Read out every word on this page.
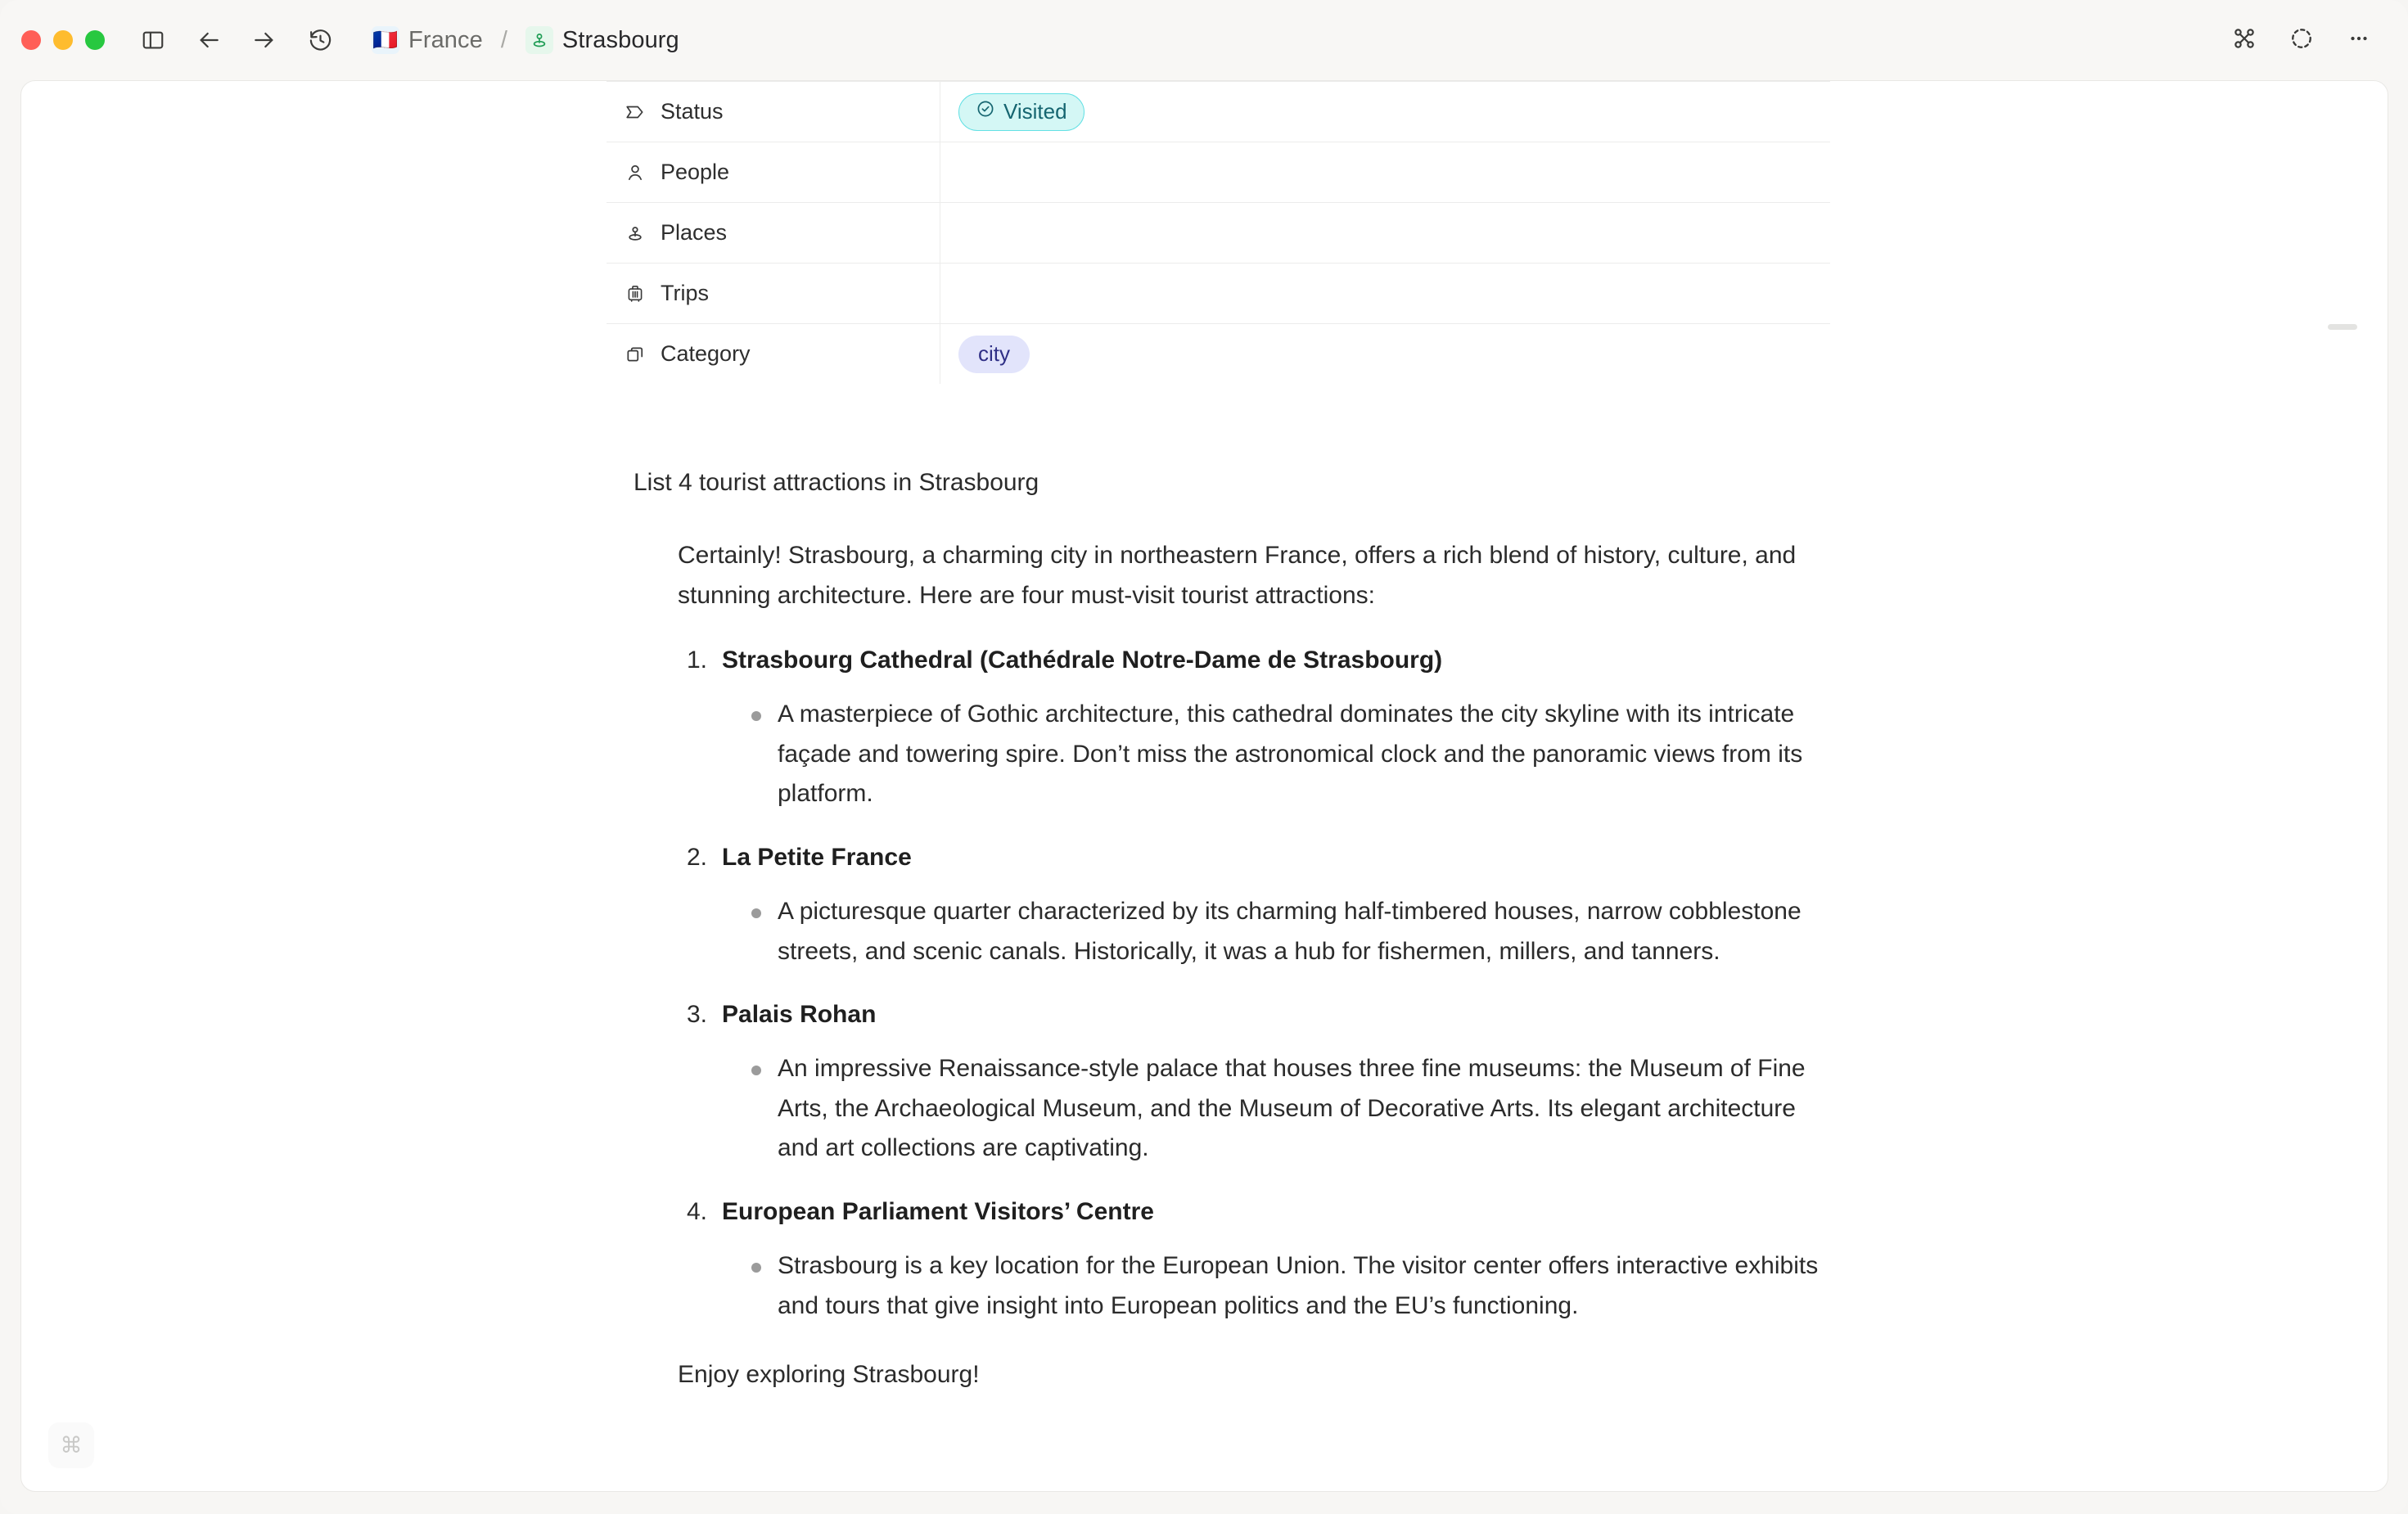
🇫🇷 France / Strasbourg
Status	Visited
People
Places
Trips
Category	city
List 4 tourist attractions in Strasbourg
Certainly! Strasbourg, a charming city in northeastern France, offers a rich blend of history, culture, and stunning architecture. Here are four must-visit tourist attractions:
1. Strasbourg Cathedral (Cathédrale Notre-Dame de Strasbourg)
A masterpiece of Gothic architecture, this cathedral dominates the city skyline with its intricate façade and towering spire. Don’t miss the astronomical clock and the panoramic views from its platform.
2. La Petite France
A picturesque quarter characterized by its charming half-timbered houses, narrow cobblestone streets, and scenic canals. Historically, it was a hub for fishermen, millers, and tanners.
3. Palais Rohan
An impressive Renaissance-style palace that houses three fine museums: the Museum of Fine Arts, the Archaeological Museum, and the Museum of Decorative Arts. Its elegant architecture and art collections are captivating.
4. European Parliament Visitors’ Centre
Strasbourg is a key location for the European Union. The visitor center offers interactive exhibits and tours that give insight into European politics and the EU’s functioning.
Enjoy exploring Strasbourg!
⌘
